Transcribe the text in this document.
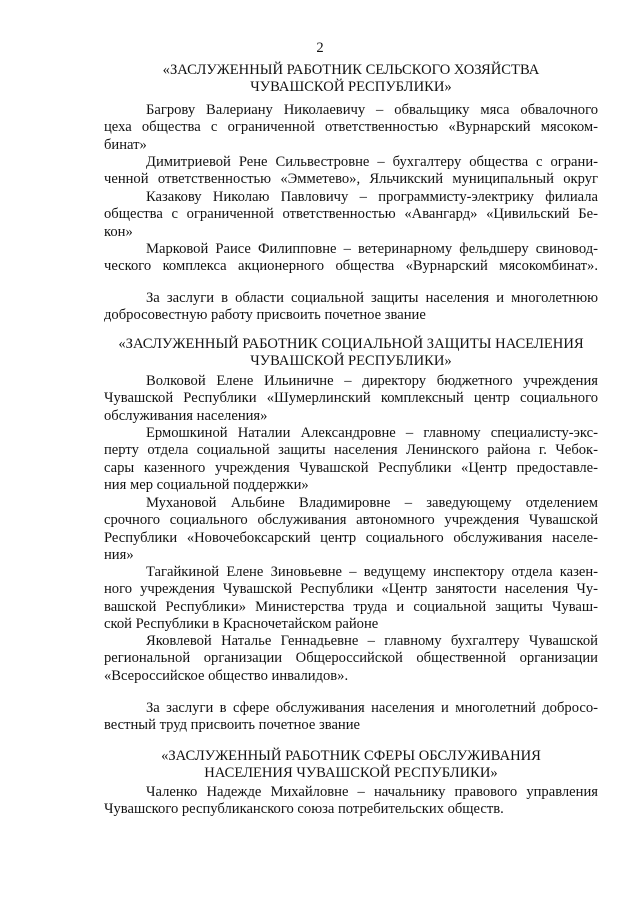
2
«ЗАСЛУЖЕННЫЙ РАБОТНИК СЕЛЬСКОГО ХОЗЯЙСТВА
ЧУВАШСКОЙ РЕСПУБЛИКИ»
Багрову Валериану Николаевичу – обвальщику мяса обвалочного
цеха общества с ограниченной ответственностью «Вурнарский мясоком-
бинат»
Димитриевой Рене Сильвестровне – бухгалтеру общества с ограни-
ченной ответственностью «Эмметево», Яльчикский муниципальный округ
Казакову Николаю Павловичу – программисту-электрику филиала
общества с ограниченной ответственностью «Авангард» «Цивильский Бе-
кон»
Марковой Раисе Филипповне – ветеринарному фельдшеру свиновод-
ческого комплекса акционерного общества «Вурнарский мясокомбинат».
За заслуги в области социальной защиты населения и многолетнюю
добросовестную работу присвоить почетное звание
«ЗАСЛУЖЕННЫЙ РАБОТНИК СОЦИАЛЬНОЙ ЗАЩИТЫ НАСЕЛЕНИЯ
ЧУВАШСКОЙ РЕСПУБЛИКИ»
Волковой Елене Ильиничне – директору бюджетного учреждения
Чувашской Республики «Шумерлинский комплексный центр социального
обслуживания населения»
Ермошкиной Наталии Александровне – главному специалисту-экс-
перту отдела социальной защиты населения Ленинского района г. Чебок-
сары казенного учреждения Чувашской Республики «Центр предоставле-
ния мер социальной поддержки»
Мухановой Альбине Владимировне – заведующему отделением
срочного социального обслуживания автономного учреждения Чувашской
Республики «Новочебоксарский центр социального обслуживания населе-
ния»
Тагайкиной Елене Зиновьевне – ведущему инспектору отдела казен-
ного учреждения Чувашской Республики «Центр занятости населения Чу-
вашской Республики» Министерства труда и социальной защиты Чуваш-
ской Республики в Красночетайском районе
Яковлевой Наталье Геннадьевне – главному бухгалтеру Чувашской
региональной организации Общероссийской общественной организации
«Всероссийское общество инвалидов».
За заслуги в сфере обслуживания населения и многолетний добросо-
вестный труд присвоить почетное звание
«ЗАСЛУЖЕННЫЙ РАБОТНИК СФЕРЫ ОБСЛУЖИВАНИЯ
НАСЕЛЕНИЯ ЧУВАШСКОЙ РЕСПУБЛИКИ»
Чаленко Надежде Михайловне – начальнику правового управления
Чувашского республиканского союза потребительских обществ.
